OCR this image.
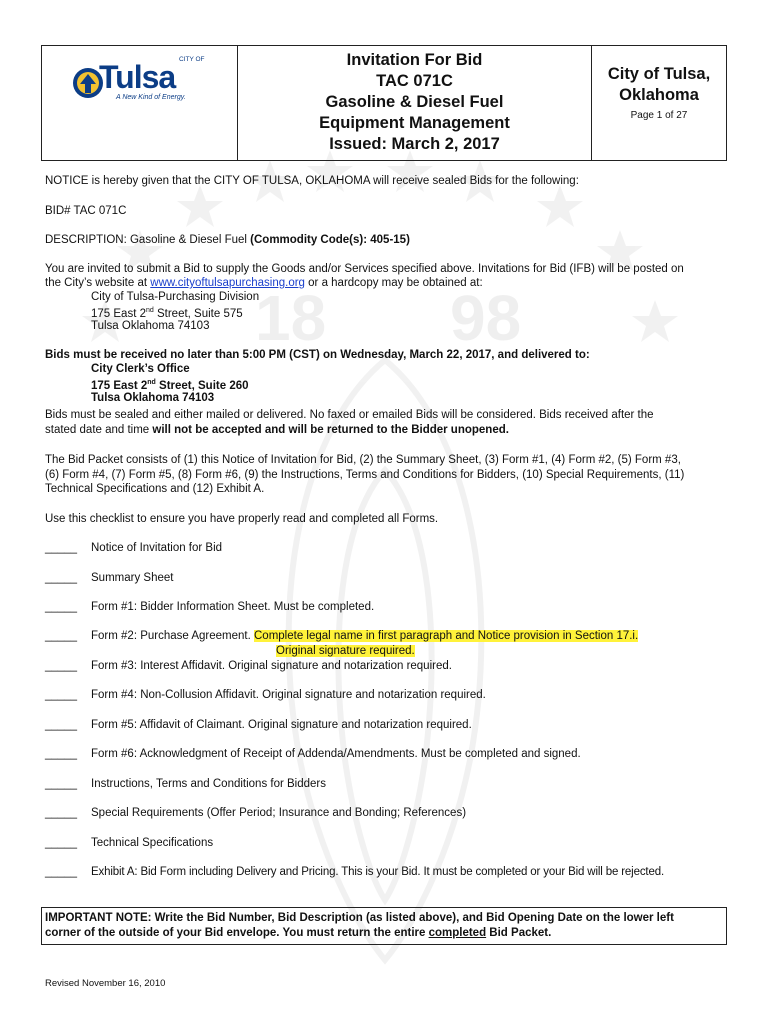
18 98
Tulsa CITY OF
A New Kind of Energy.
Invitation For Bid
TAC 071C
Gasoline & Diesel Fuel
Equipment Management
Issued: March 2, 2017
City of Tulsa,
Oklahoma
Page 1 of 27
NOTICE is hereby given that the CITY OF TULSA, OKLAHOMA will receive sealed Bids for the following:
BID# TAC 071C
DESCRIPTION: Gasoline & Diesel Fuel (Commodity Code(s): 405-15)
You are invited to submit a Bid to supply the Goods and/or Services specified above. Invitations for Bid (IFB) will be posted on
the City’s website at www.cityoftulsapurchasing.org or a hardcopy may be obtained at:
City of Tulsa-Purchasing Division
175 East 2nd Street, Suite 575
Tulsa Oklahoma 74103
Bids must be received no later than 5:00 PM (CST) on Wednesday, March 22, 2017, and delivered to:
City Clerk’s Office
175 East 2nd Street, Suite 260
Tulsa Oklahoma 74103
Bids must be sealed and either mailed or delivered. No faxed or emailed Bids will be considered. Bids received after the
stated date and time will not be accepted and will be returned to the Bidder unopened.
The Bid Packet consists of (1) this Notice of Invitation for Bid, (2) the Summary Sheet, (3) Form #1, (4) Form #2, (5) Form #3,
(6) Form #4, (7) Form #5, (8) Form #6, (9) the Instructions, Terms and Conditions for Bidders, (10) Special Requirements, (11)
Technical Specifications and (12) Exhibit A.
Use this checklist to ensure you have properly read and completed all Forms.
_____ Notice of Invitation for Bid
_____ Summary Sheet
_____ Form #1: Bidder Information Sheet. Must be completed.
_____ Form #2: Purchase Agreement. Complete legal name in first paragraph and Notice provision in Section 17.i.
Original signature required.
_____ Form #3: Interest Affidavit. Original signature and notarization required.
_____ Form #4: Non-Collusion Affidavit. Original signature and notarization required.
_____ Form #5: Affidavit of Claimant. Original signature and notarization required.
_____ Form #6: Acknowledgment of Receipt of Addenda/Amendments. Must be completed and signed.
_____ Instructions, Terms and Conditions for Bidders
_____ Special Requirements (Offer Period; Insurance and Bonding; References)
_____ Technical Specifications
_____ Exhibit A: Bid Form including Delivery and Pricing. This is your Bid. It must be completed or your Bid will be rejected.
IMPORTANT NOTE: Write the Bid Number, Bid Description (as listed above), and Bid Opening Date on the lower left
corner of the outside of your Bid envelope. You must return the entire completed Bid Packet.
Revised November 16, 2010
